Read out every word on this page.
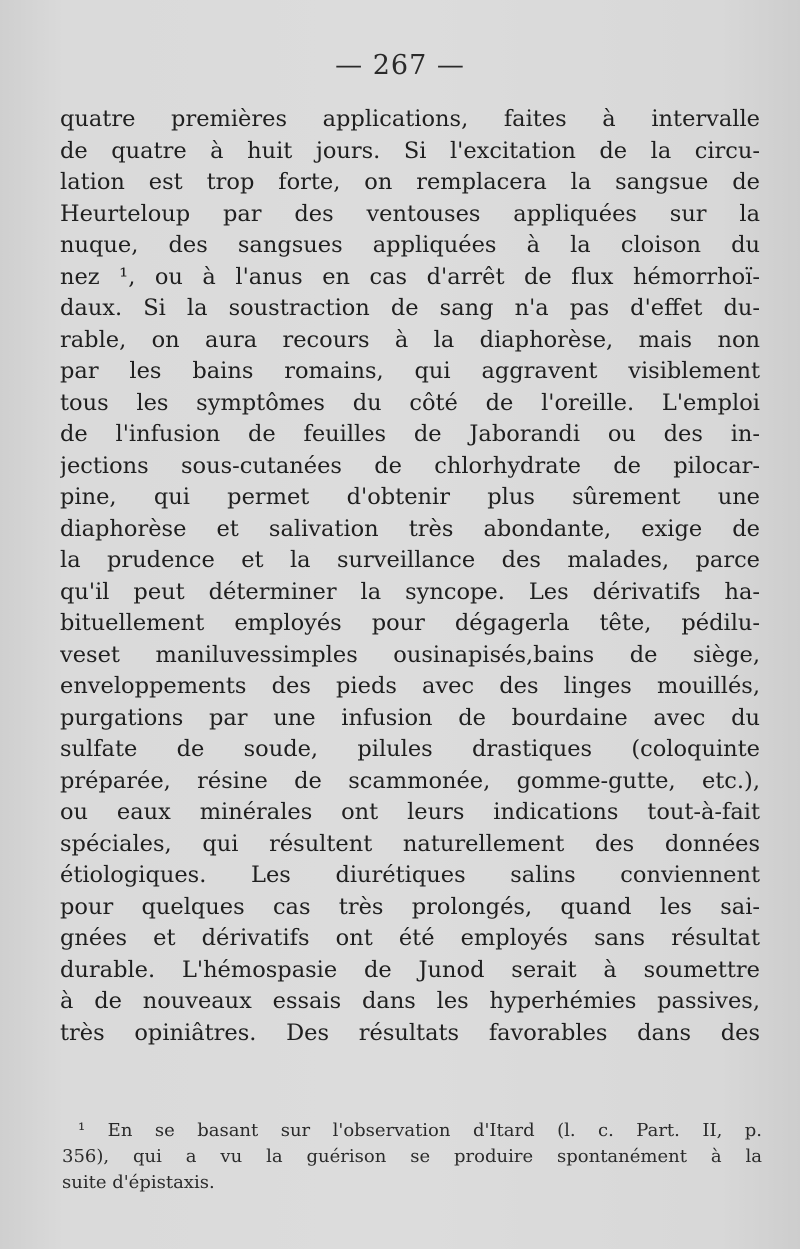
— 267 —
quatre premières applications, faites à intervalle
de quatre à huit jours. Si l'excitation de la circu-
lation est trop forte, on remplacera la sangsue de
Heurteloup par des ventouses appliquées sur la
nuque, des sangsues appliquées à la cloison du
nez ¹, ou à l'anus en cas d'arrêt de flux hémorrhoï-
daux. Si la soustraction de sang n'a pas d'effet du-
rable, on aura recours à la diaphorèse, mais non
par les bains romains, qui aggravent visiblement
tous les symptômes du côté de l'oreille. L'emploi
de l'infusion de feuilles de Jaborandi ou des in-
jections sous-cutanées de chlorhydrate de pilocar-
pine, qui permet d'obtenir plus sûrement une
diaphorèse et salivation très abondante, exige de
la prudence et la surveillance des malades, parce
qu'il peut déterminer la syncope. Les dérivatifs ha-
bituellement employés pour dégagerla tête, pédilu-
veset maniluvessimples ousinapisés,bains de siège,
enveloppements des pieds avec des linges mouillés,
purgations par une infusion de bourdaine avec du
sulfate de soude, pilules drastiques (coloquinte
préparée, résine de scammonée, gomme-gutte, etc.),
ou eaux minérales ont leurs indications tout-à-fait
spéciales, qui résultent naturellement des données
étiologiques. Les diurétiques salins conviennent
pour quelques cas très prolongés, quand les sai-
gnées et dérivatifs ont été employés sans résultat
durable. L'hémospasie de Junod serait à soumettre
à de nouveaux essais dans les hyperhémies passives,
très opiniâtres. Des résultats favorables dans des
¹ En se basant sur l'observation d'Itard (l. c. Part. II, p.
356), qui a vu la guérison se produire spontanément à la
suite d'épistaxis.
